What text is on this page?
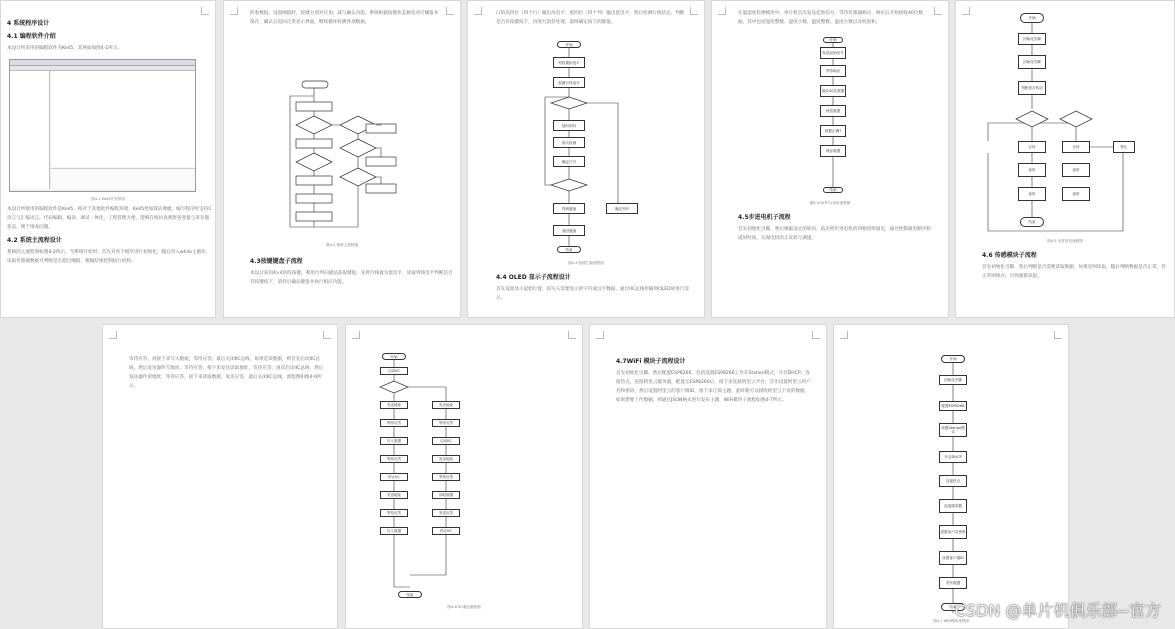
4 系统程序设计
4.1 编程软件介绍
本设计所采用的编程软件为Keil5，其界面如图4-1所示。
图4-1 Keil5开发界面
本设计所使用的编程软件是Keil5，相对于其他软件编程环境，Keil5更加简洁便捷。编写程序时支持C语言与汇编语言，代码编辑、编译、调试一体化，工程管理方便，能够在线仿真观察各变量与寄存器状态，便于排查问题。
4.2 系统主流程设计
系统的主流程图如图4-2所示。当系统开始时，首先对各个模块进行初始化，随后进入while主循环，读取传感器数据并判断是否超过阈值，根据结果控制执行机构。
的参数值。设置阈值时，按键分别对应加、减与确认功能，系统根据按键状态修改对应阈值并保存，确认后返回正常显示界面，继续循环检测各项数据。
图4-2 系统主流程图
4.3按键键盘子流程
本设计采用4×4矩阵按键，利用行列扫描法获取键值，先将行线置为低电平，读取列线电平判断是否有按键按下，消抖后确认键值并执行相应功能。
口的高四位（四个行）输出高电平，低四位（四个列）输出低电平，然后检测行线状态，判断是否有按键按下，再进行消抖处理，最终确定按下的键值。
开始
列线置低电平
检测行线电平
延时消抖
再次检测
确定行号
得到键值	确定列号
返回键值
结束
图4-3 按键扫描流程图
4.4 OLED 显示子流程设计
首先设置显示起始位置，再写入需要显示的字符或汉字数据，通过IIC总线传输到OLED屏进行显示。
在温湿度检测模块中，单片机首先发送起始信号，等待传感器响应，响应后开始接收40位数据，其中包括湿度整数、湿度小数、温度整数、温度小数以及校验和。
开始
发送起始信号
等待响应
接收40位数据
校验数据
数据正确?
保存数据
结束
图4-4 DHT11读取流程图
4.5步进电机子流程
首先初始化引脚，然后根据设定的转向，依次给步进电机的四相绕组通电，通过控制通电顺序和延时时间，实现电机的正反转与调速。
开始
初始化引脚
初始化引脚
判断是否转动
正转	反转	停止
延时	延时
延时	延时
结束
图4-5 步进电机流程图
4.6 传感模块子流程
首先初始化引脚，然后判断是否需要读取数据，如果是则读取，随后判断数据是否正常，若正常则保存，否则重新读取。
等待应答，再接下来写入数据，等待应答，最后关闭IIC总线。如果是读数据，则首先启动IIC总线，然后发送器件写地址，等待应答，接下来发送读取地址，等待应答，再次启动IIC总线，然后发送器件读地址，等待应答，接下来读取数据，发送应答，最后关闭IIC总线，流程图如图4-6所示。
开始
启动IIC
发送地址
等待应答
写入数据
等待应答
停止IIC
发送地址
等待应答
写入数据
发送地址
等待应答
启动IIC
发送地址
等待应答
读取数据
发送应答
停止IIC
结束
图4-6 IIC通信流程图
4.7WiFi 模块子流程设计
首先初始化引脚，然后配置ESP8266，包括设置ESP8266工作在Station模式，开启DHCP，连接热点，连接阿里云服务器，配置完ESP8266后，接下来连接阿里云平台，首先设置阿里云用户名和密码，然后设置阿里云的客户端ID，接下来订阅主题，此时就可以接收阿里云下发的数据，如果想要上传数据，则通过JSON格式进行发布主题，WiFi模块子流程如图4-7所示。
开始
初始化引脚
配置ESP8266
设置Station模式
开启DHCP
连接热点
连接服务器
设置用户名密码
设置客户端ID
发布数据
结束
图4-7 WiFi模块流程图
CSDN @单片机俱乐部--官方
